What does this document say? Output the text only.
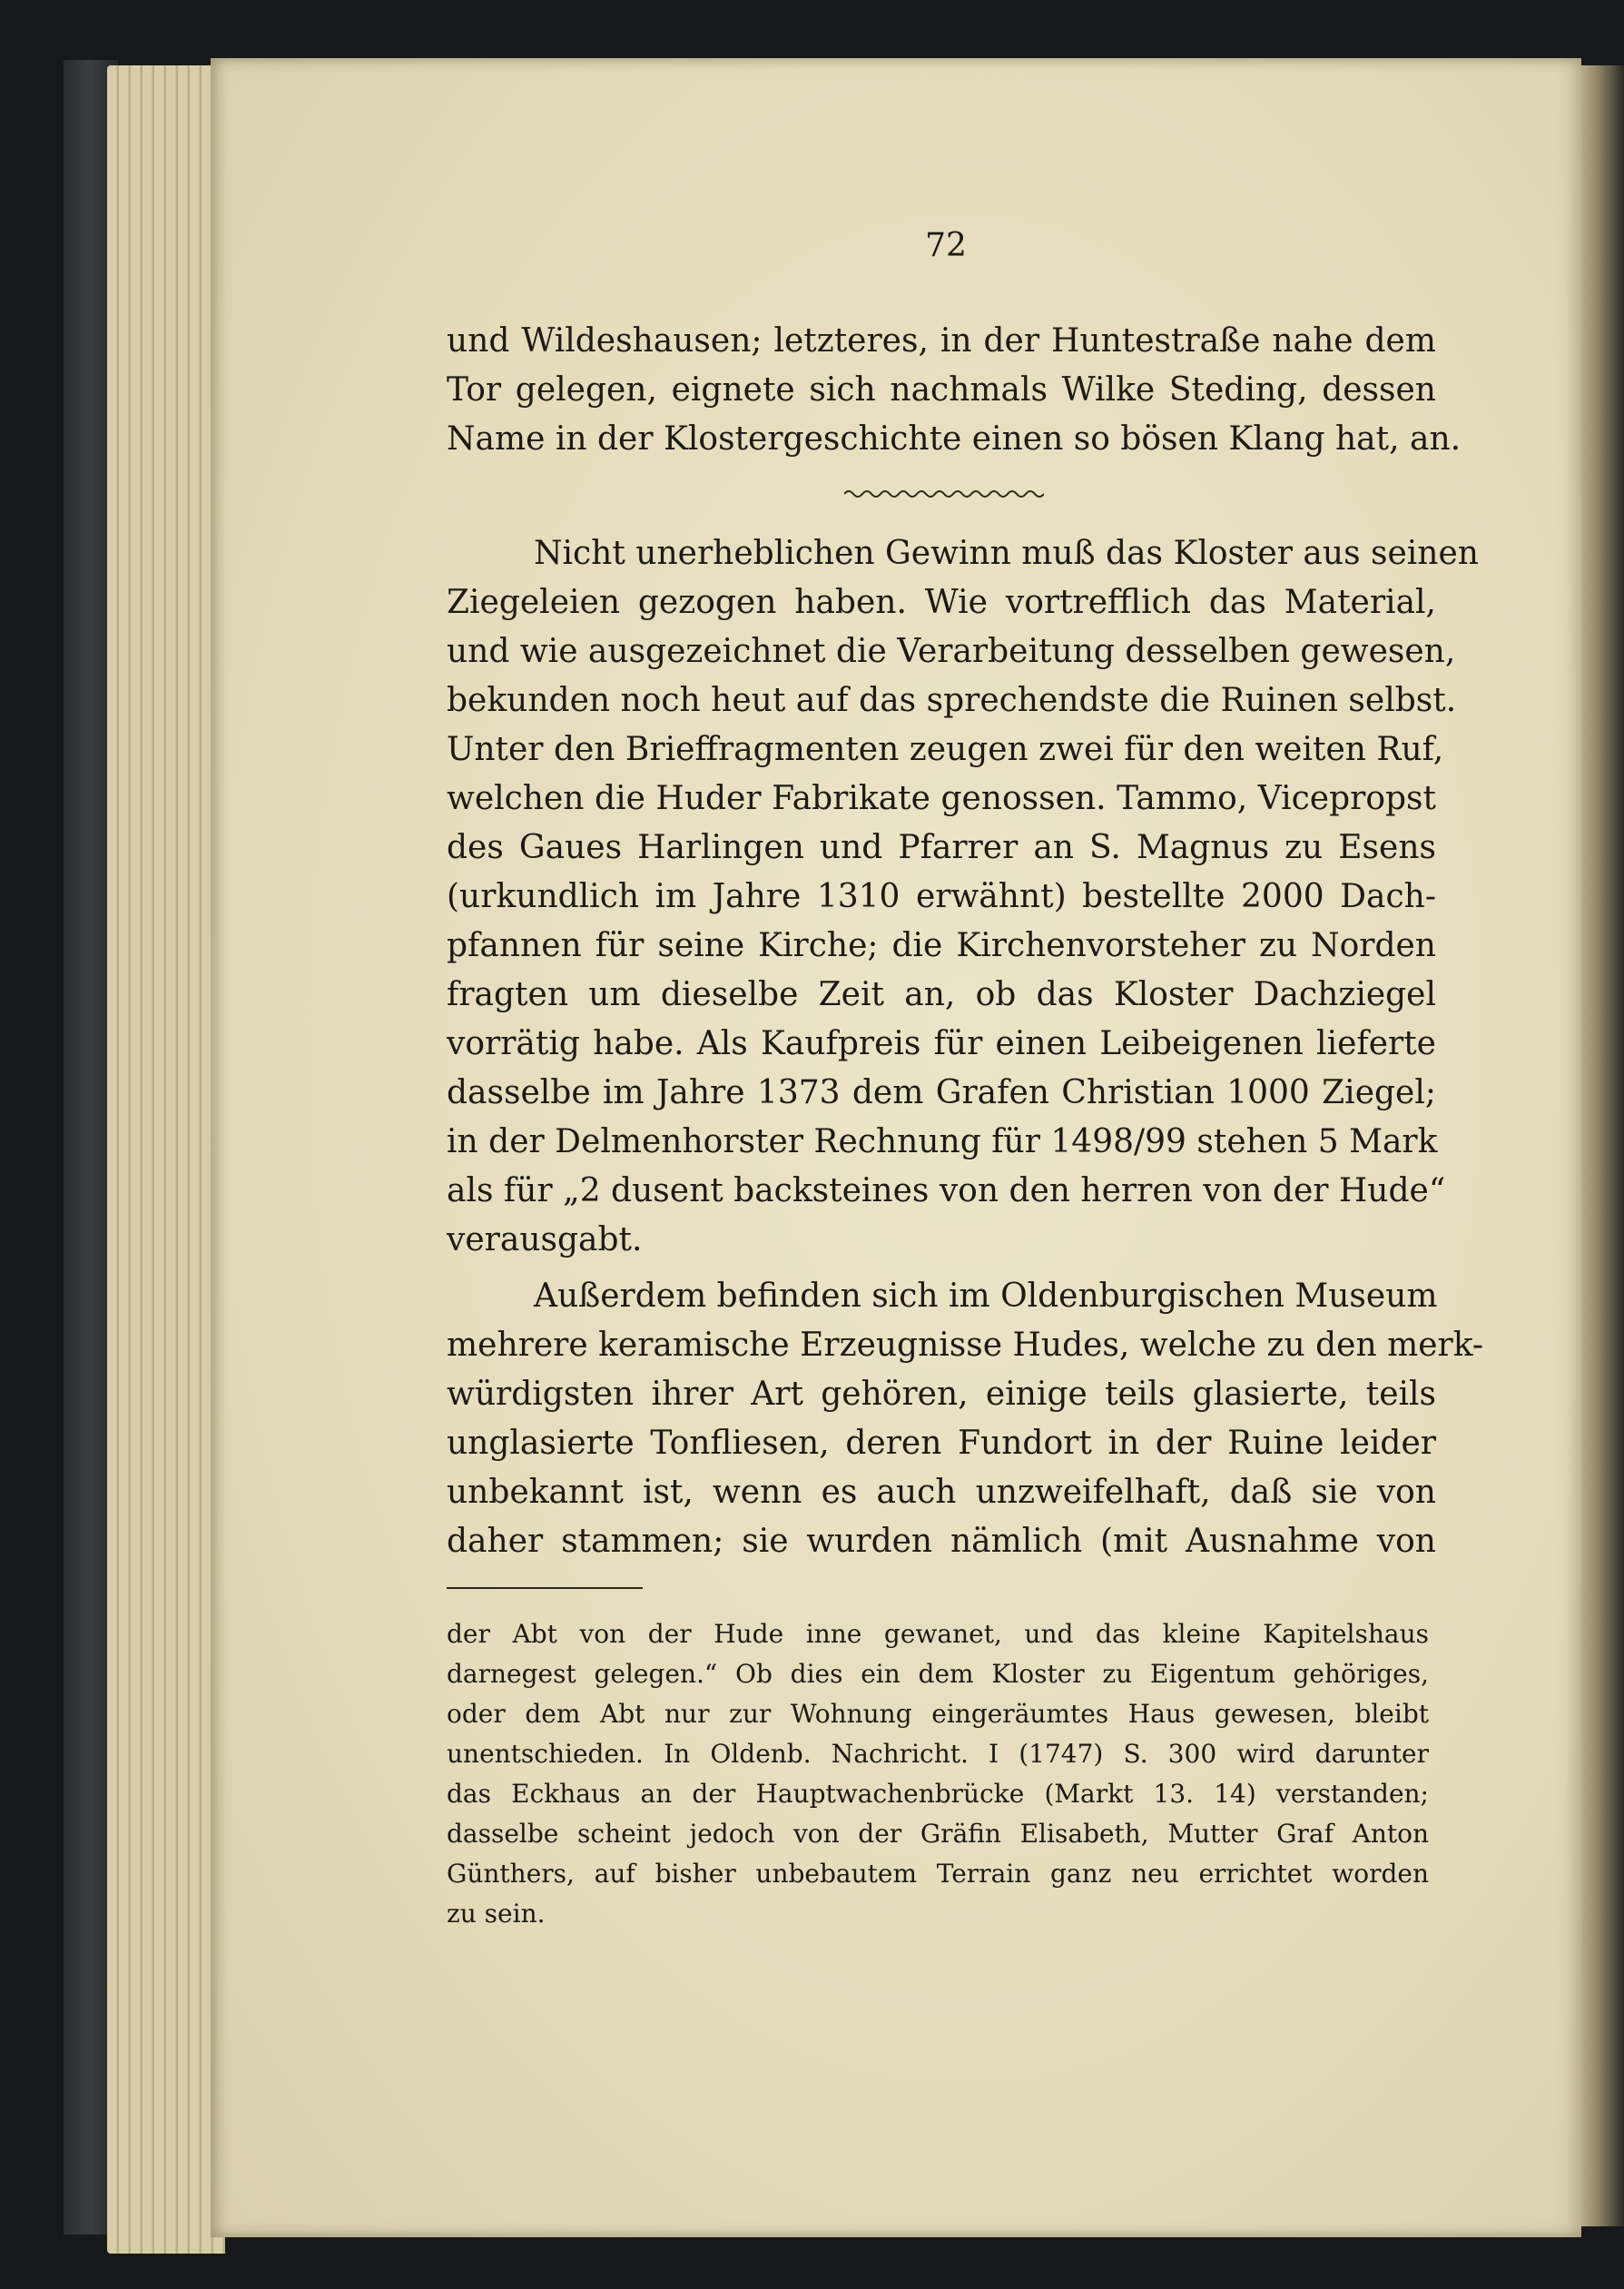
72
und Wildeshausen; letzteres, in der Huntestraße nahe dem
Tor gelegen, eignete sich nachmals Wilke Steding, dessen
Name in der Klostergeschichte einen so bösen Klang hat, an.
Nicht unerheblichen Gewinn muß das Kloster aus seinen
Ziegeleien gezogen haben. Wie vortrefflich das Material,
und wie ausgezeichnet die Verarbeitung desselben gewesen,
bekunden noch heut auf das sprechendste die Ruinen selbst.
Unter den Brieffragmenten zeugen zwei für den weiten Ruf,
welchen die Huder Fabrikate genossen. Tammo, Vicepropst
des Gaues Harlingen und Pfarrer an S. Magnus zu Esens
(urkundlich im Jahre 1310 erwähnt) bestellte 2000 Dach-
pfannen für seine Kirche; die Kirchenvorsteher zu Norden
fragten um dieselbe Zeit an, ob das Kloster Dachziegel
vorrätig habe. Als Kaufpreis für einen Leibeigenen lieferte
dasselbe im Jahre 1373 dem Grafen Christian 1000 Ziegel;
in der Delmenhorster Rechnung für 1498/99 stehen 5 Mark
als für „2 dusent backsteines von den herren von der Hude“
verausgabt.
Außerdem befinden sich im Oldenburgischen Museum
mehrere keramische Erzeugnisse Hudes, welche zu den merk-
würdigsten ihrer Art gehören, einige teils glasierte, teils
unglasierte Tonfliesen, deren Fundort in der Ruine leider
unbekannt ist, wenn es auch unzweifelhaft, daß sie von
daher stammen; sie wurden nämlich (mit Ausnahme von
der Abt von der Hude inne gewanet, und das kleine Kapitelshaus
darnegest gelegen.“ Ob dies ein dem Kloster zu Eigentum gehöriges,
oder dem Abt nur zur Wohnung eingeräumtes Haus gewesen, bleibt
unentschieden. In Oldenb. Nachricht. I (1747) S. 300 wird darunter
das Eckhaus an der Hauptwachenbrücke (Markt 13. 14) verstanden;
dasselbe scheint jedoch von der Gräfin Elisabeth, Mutter Graf Anton
Günthers, auf bisher unbebautem Terrain ganz neu errichtet worden
zu sein.
